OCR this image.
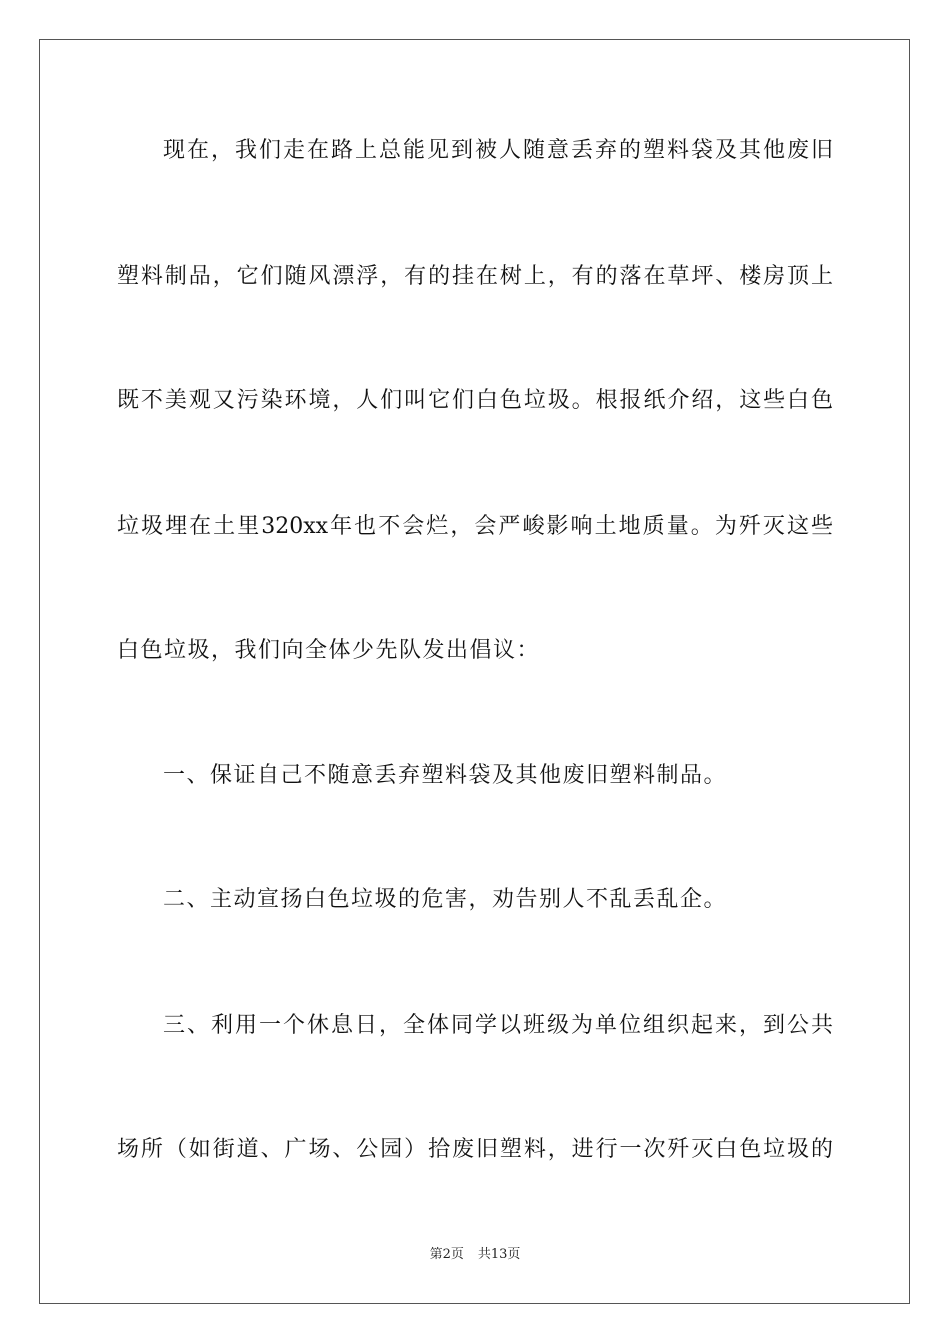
现在，我们走在路上总能见到被人随意丢弃的塑料袋及其他废旧
塑料制品，它们随风漂浮，有的挂在树上，有的落在草坪、楼房顶上
既不美观又污染环境，人们叫它们白色垃圾。根报纸介绍，这些白色
垃圾埋在土里320xx年也不会烂，会严峻影响土地质量。为歼灭这些
白色垃圾，我们向全体少先队发出倡议：
一、保证自己不随意丢弃塑料袋及其他废旧塑料制品。
二、主动宣扬白色垃圾的危害，劝告别人不乱丢乱企。
三、利用一个休息日，全体同学以班级为单位组织起来，到公共
场所（如街道、广场、公园）拾废旧塑料，进行一次歼灭白色垃圾的
第2页 共13页
